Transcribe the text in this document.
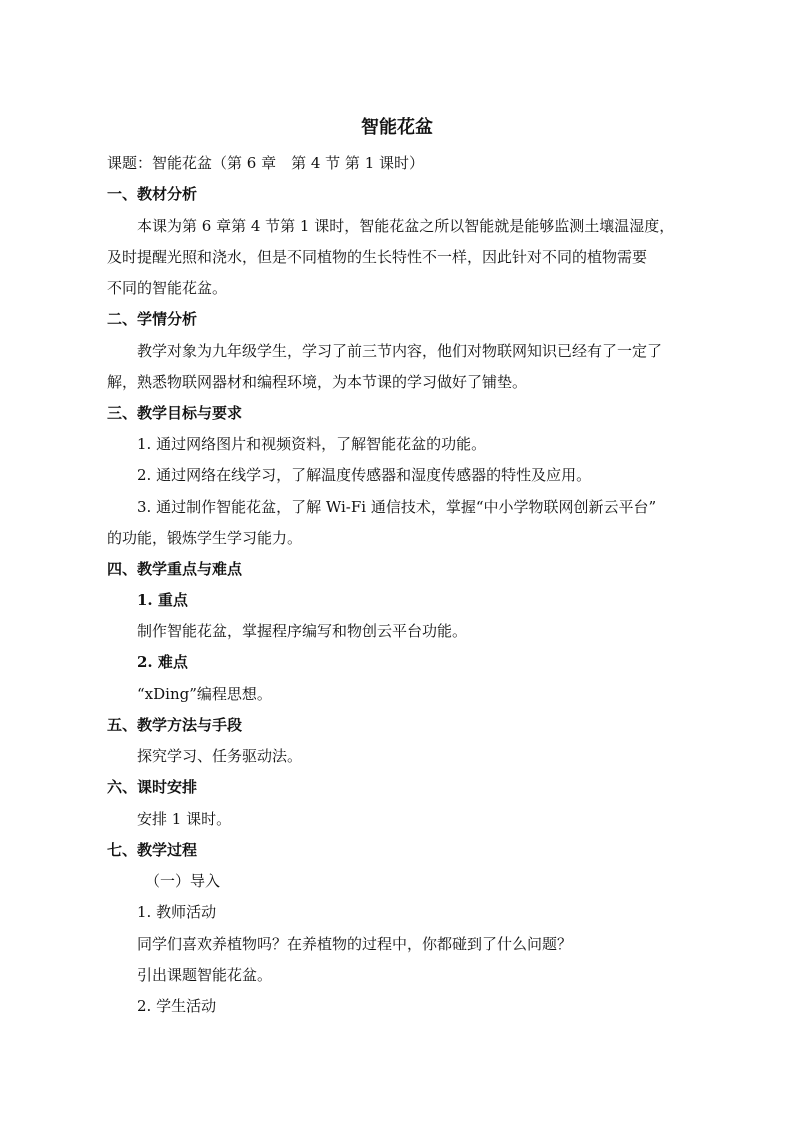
智能花盆
课题：智能花盆（第 6 章　第 4 节 第 1 课时）
一、教材分析
本课为第 6 章第 4 节第 1 课时，智能花盆之所以智能就是能够监测土壤温湿度，
及时提醒光照和浇水，但是不同植物的生长特性不一样，因此针对不同的植物需要
不同的智能花盆。
二、学情分析
教学对象为九年级学生，学习了前三节内容，他们对物联网知识已经有了一定了
解，熟悉物联网器材和编程环境，为本节课的学习做好了铺垫。
三、教学目标与要求
1. 通过网络图片和视频资料，了解智能花盆的功能。
2. 通过网络在线学习，了解温度传感器和湿度传感器的特性及应用。
3. 通过制作智能花盆，了解 Wi-Fi 通信技术，掌握“中小学物联网创新云平台”
的功能，锻炼学生学习能力。
四、教学重点与难点
1. 重点
制作智能花盆，掌握程序编写和物创云平台功能。
2. 难点
“xDing”编程思想。
五、教学方法与手段
探究学习、任务驱动法。
六、课时安排
安排 1 课时。
七、教学过程
（一）导入
1. 教师活动
同学们喜欢养植物吗？在养植物的过程中，你都碰到了什么问题？
引出课题智能花盆。
2. 学生活动
